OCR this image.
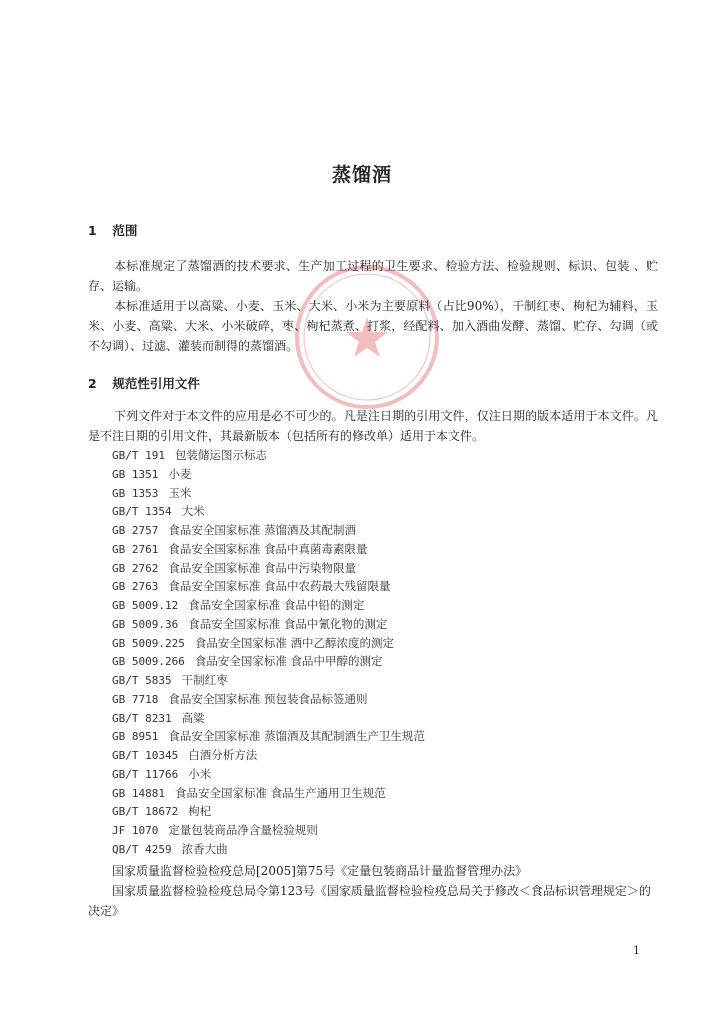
蒸馏酒
1 范围
本标准规定了蒸馏酒的技术要求、生产加工过程的卫生要求、检验方法、检验规则、标识、包装 、贮存、运输。
本标准适用于以高粱、小麦、玉米、大米、小米为主要原料（占比90%），干制红枣、枸杞为辅料，玉米、小麦、高粱、大米、小米破碎，枣、枸杞蒸煮、打浆，经配料、加入酒曲发酵、蒸馏、贮存、勾调（或不勾调）、过滤、灌装而制得的蒸馏酒。
2 规范性引用文件
下列文件对于本文件的应用是必不可少的。凡是注日期的引用文件，仅注日期的版本适用于本文件。凡是不注日期的引用文件，其最新版本（包括所有的修改单）适用于本文件。
GB/T 191 包装储运图示标志
GB 1351 小麦
GB 1353 玉米
GB/T 1354 大米
GB 2757 食品安全国家标准 蒸馏酒及其配制酒
GB 2761 食品安全国家标准 食品中真菌毒素限量
GB 2762 食品安全国家标准 食品中污染物限量
GB 2763 食品安全国家标准 食品中农药最大残留限量
GB 5009.12 食品安全国家标准 食品中铅的测定
GB 5009.36 食品安全国家标准 食品中氰化物的测定
GB 5009.225 食品安全国家标准 酒中乙醇浓度的测定
GB 5009.266 食品安全国家标准 食品中甲醇的测定
GB/T 5835 干制红枣
GB 7718 食品安全国家标准 预包装食品标签通则
GB/T 8231 高粱
GB 8951 食品安全国家标准 蒸馏酒及其配制酒生产卫生规范
GB/T 10345 白酒分析方法
GB/T 11766 小米
GB 14881 食品安全国家标准 食品生产通用卫生规范
GB/T 18672 枸杞
JF 1070 定量包装商品净含量检验规则
QB/T 4259 浓香大曲
国家质量监督检验检疫总局[2005]第75号《定量包装商品计量监督管理办法》
国家质量监督检验检疫总局令第123号《国家质量监督检验检疫总局关于修改＜食品标识管理规定＞的决定》
1
